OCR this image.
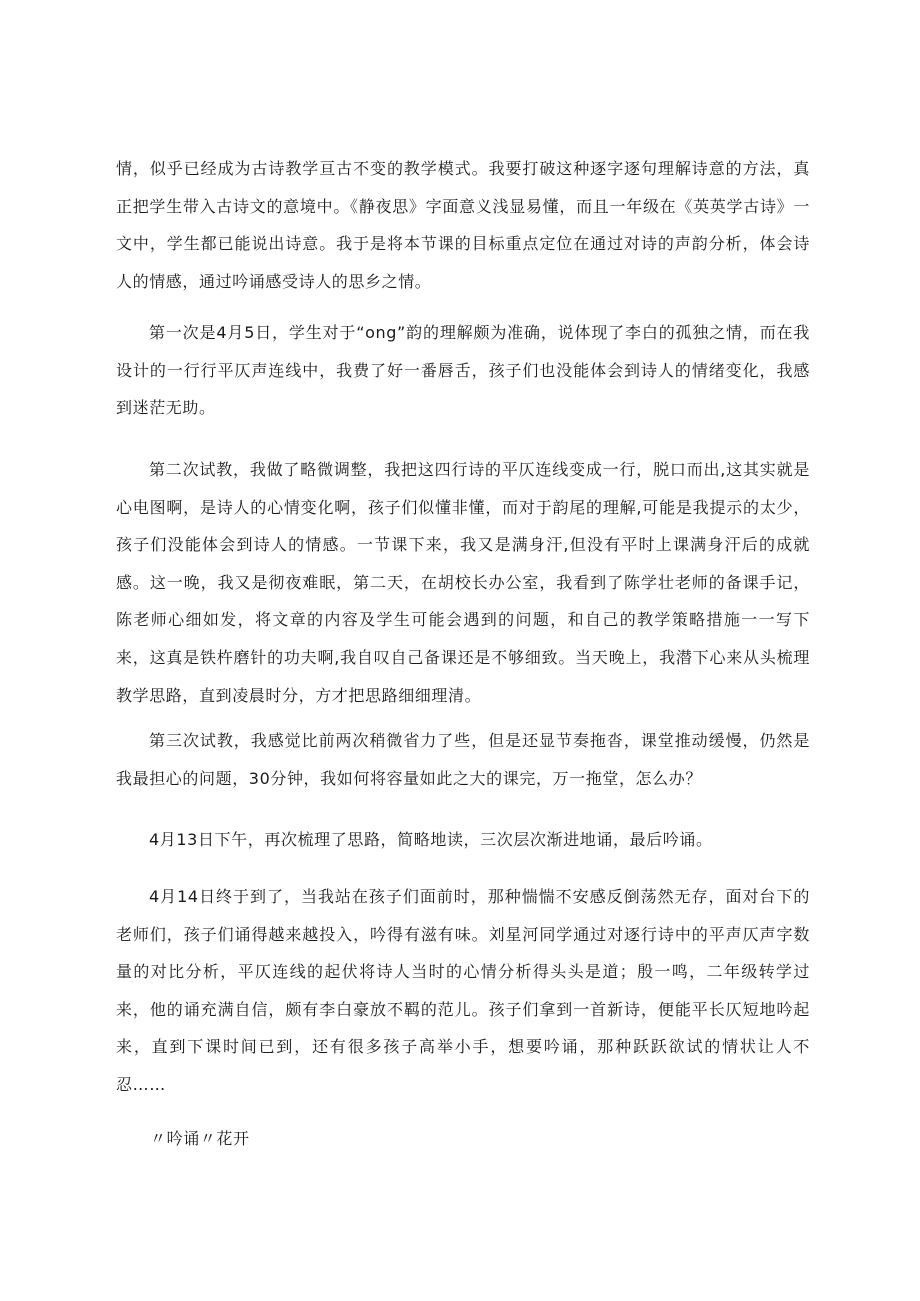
情，似乎已经成为古诗教学亘古不变的教学模式。我要打破这种逐字逐句理解诗意的方法，真正把学生带入古诗文的意境中。《静夜思》字面意义浅显易懂，而且一年级在《英英学古诗》一文中，学生都已能说出诗意。我于是将本节课的目标重点定位在通过对诗的声韵分析，体会诗人的情感，通过吟诵感受诗人的思乡之情。

第一次是4月5日，学生对于“ong”韵的理解颇为准确，说体现了李白的孤独之情，而在我设计的一行行平仄声连线中，我费了好一番唇舌，孩子们也没能体会到诗人的情绪变化，我感到迷茫无助。

第二次试教，我做了略微调整，我把这四行诗的平仄连线变成一行，脱口而出,这其实就是心电图啊，是诗人的心情变化啊，孩子们似懂非懂，而对于韵尾的理解,可能是我提示的太少，孩子们没能体会到诗人的情感。一节课下来，我又是满身汗,但没有平时上课满身汗后的成就感。这一晚，我又是彻夜难眠，第二天，在胡校长办公室，我看到了陈学壮老师的备课手记，陈老师心细如发，将文章的内容及学生可能会遇到的问题，和自己的教学策略措施一一写下来，这真是铁杵磨针的功夫啊,我自叹自己备课还是不够细致。当天晚上，我潜下心来从头梳理教学思路，直到凌晨时分，方才把思路细细理清。

第三次试教，我感觉比前两次稍微省力了些，但是还显节奏拖沓，课堂推动缓慢，仍然是我最担心的问题，30分钟，我如何将容量如此之大的课完，万一拖堂，怎么办？

4月13日下午，再次梳理了思路，简略地读，三次层次渐进地诵，最后吟诵。

4月14日终于到了，当我站在孩子们面前时，那种惴惴不安感反倒荡然无存，面对台下的老师们，孩子们诵得越来越投入，吟得有滋有味。刘星河同学通过对逐行诗中的平声仄声字数量的对比分析，平仄连线的起伏将诗人当时的心情分析得头头是道；殷一鸣，二年级转学过来，他的诵充满自信，颇有李白豪放不羁的范儿。孩子们拿到一首新诗，便能平长仄短地吟起来，直到下课时间已到，还有很多孩子高举小手，想要吟诵，那种跃跃欲试的情状让人不忍……

〃吟诵〃花开
